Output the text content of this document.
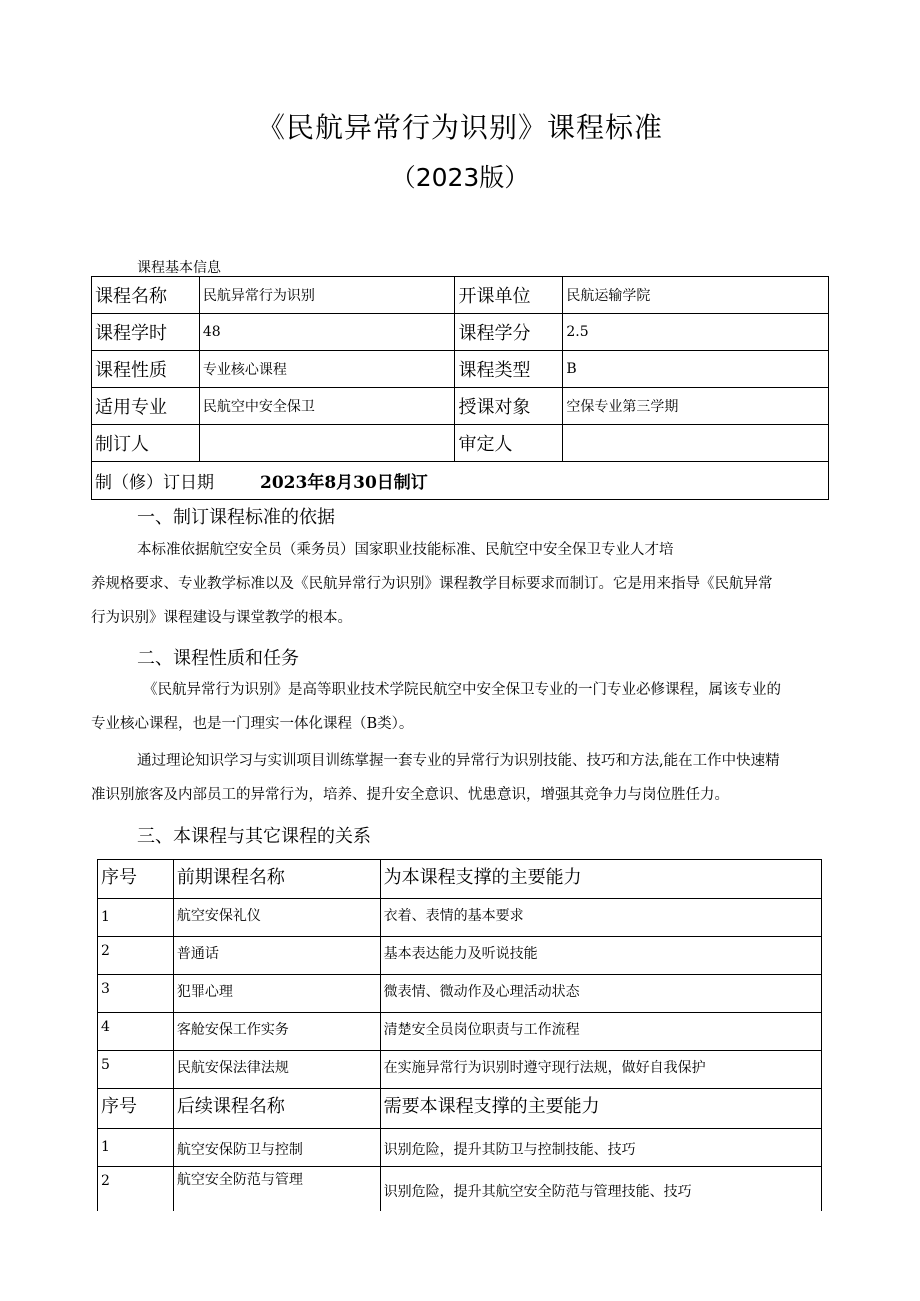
《民航异常行为识别》课程标准
（2023版）
课程基本信息
课程名称	民航异常行为识别	开课单位	民航运输学院
课程学时	48	课程学分	2.5
课程性质	专业核心课程	课程类型	B
适用专业	民航空中安全保卫	授课对象	空保专业第三学期
制订人		审定人	
制（修）订日期 2023年8月30日制订			
一、制订课程标准的依据

本标准依据航空安全员（乘务员）国家职业技能标准、民航空中安全保卫专业人才培

养规格要求、专业教学标准以及《民航异常行为识别》课程教学目标要求而制订。它是用来指导《民航异常

行为识别》课程建设与课堂教学的根本。

二、课程性质和任务

《民航异常行为识别》是高等职业技术学院民航空中安全保卫专业的一门专业必修课程，属该专业的

专业核心课程，也是一门理实一体化课程（B类）。

通过理论知识学习与实训项目训练掌握一套专业的异常行为识别技能、技巧和方法,能在工作中快速精

准识别旅客及内部员工的异常行为，培养、提升安全意识、忧患意识，增强其竞争力与岗位胜任力。

三、本课程与其它课程的关系
序号	前期课程名称	为本课程支撑的主要能力
1	航空安保礼仪	衣着、表情的基本要求
2	普通话	基本表达能力及听说技能
3	犯罪心理	微表情、微动作及心理活动状态
4	客舱安保工作实务	清楚安全员岗位职责与工作流程
5	民航安保法律法规	在实施异常行为识别时遵守现行法规，做好自我保护
序号	后续课程名称	需要本课程支撑的主要能力
1	航空安保防卫与控制	识别危险，提升其防卫与控制技能、技巧
2	航空安全防范与管理	识别危险，提升其航空安全防范与管理技能、技巧
